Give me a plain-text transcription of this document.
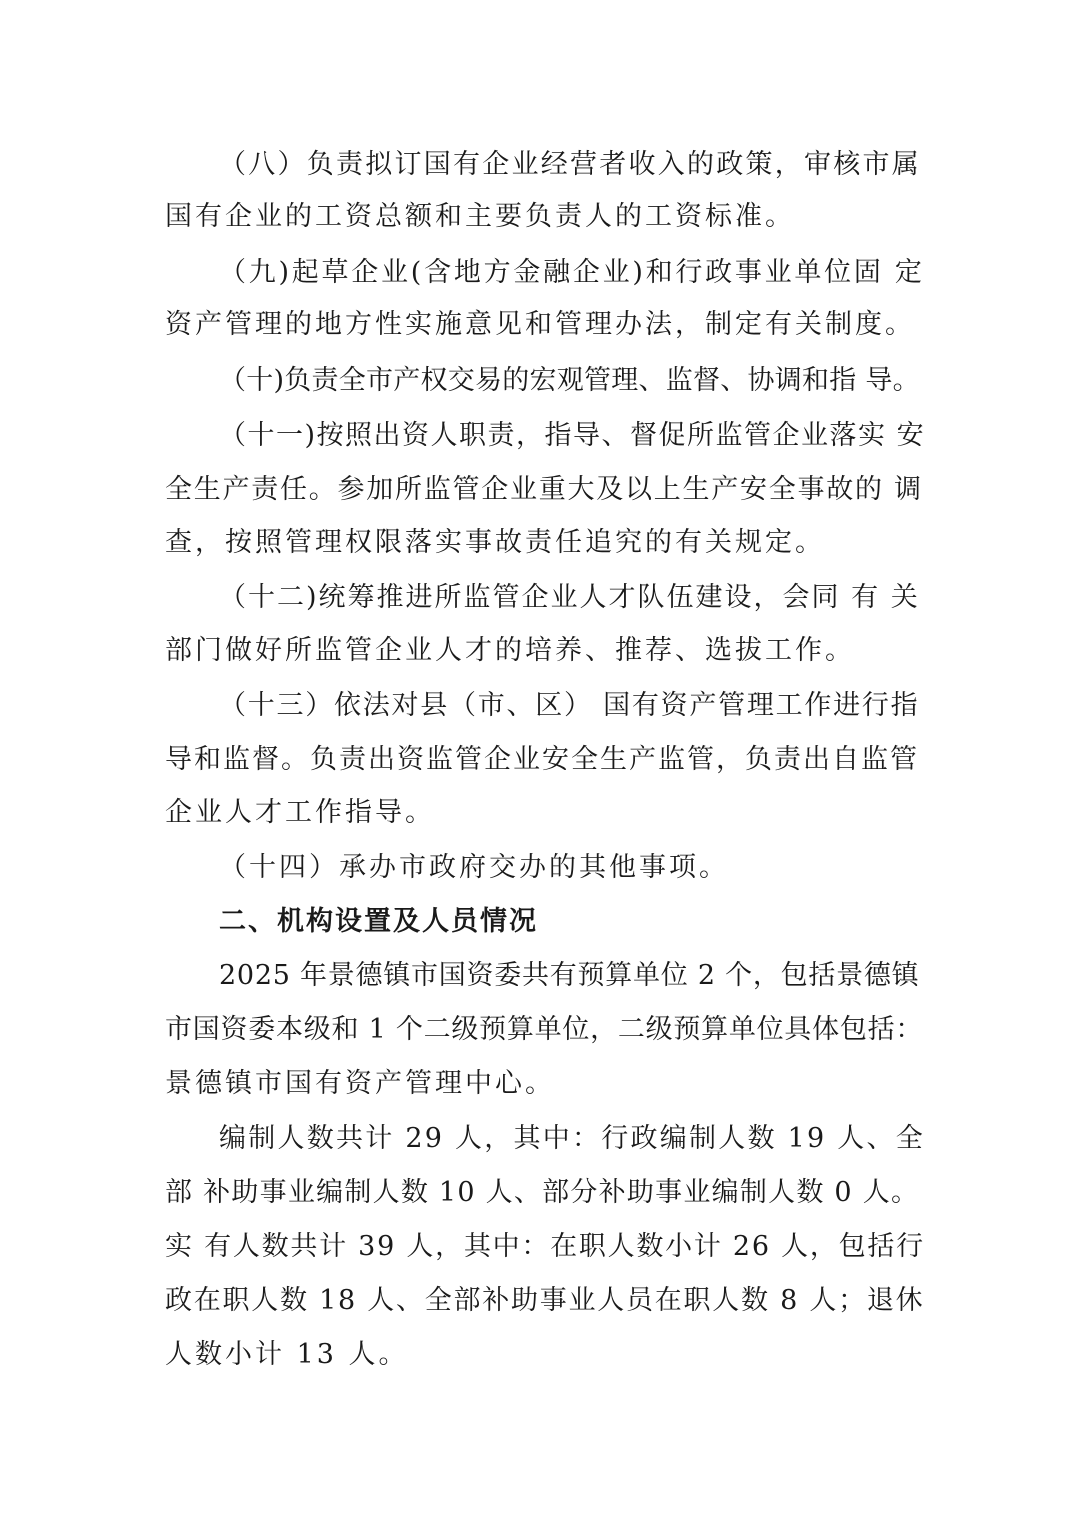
（八）负责拟订国有企业经营者收入的政策，审核市属
国有企业的工资总额和主要负责人的工资标准。
（九)起草企业(含地方金融企业)和行政事业单位固 定
资产管理的地方性实施意见和管理办法，制定有关制度。
（十)负责全市产权交易的宏观管理、监督、协调和指 导。
（十一)按照出资人职责，指导、督促所监管企业落实 安
全生产责任。参加所监管企业重大及以上生产安全事故的 调
查，按照管理权限落实事故责任追究的有关规定。
（十二)统筹推进所监管企业人才队伍建设，会同 有 关
部门做好所监管企业人才的培养、推荐、选拔工作。
（十三）依法对县（市、区） 国有资产管理工作进行指
导和监督。负责出资监管企业安全生产监管，负责出自监管
企业人才工作指导。
（十四）承办市政府交办的其他事项。
二、机构设置及人员情况
2025 年景德镇市国资委共有预算单位 2 个，包括景德镇
市国资委本级和 1 个二级预算单位，二级预算单位具体包括：
景德镇市国有资产管理中心。
编制人数共计 29 人，其中：行政编制人数 19 人、全
部 补助事业编制人数 10 人、部分补助事业编制人数 0 人。
实 有人数共计 39 人，其中：在职人数小计 26 人，包括行
政在职人数 18 人、全部补助事业人员在职人数 8 人；退休
人数小计 13 人。
